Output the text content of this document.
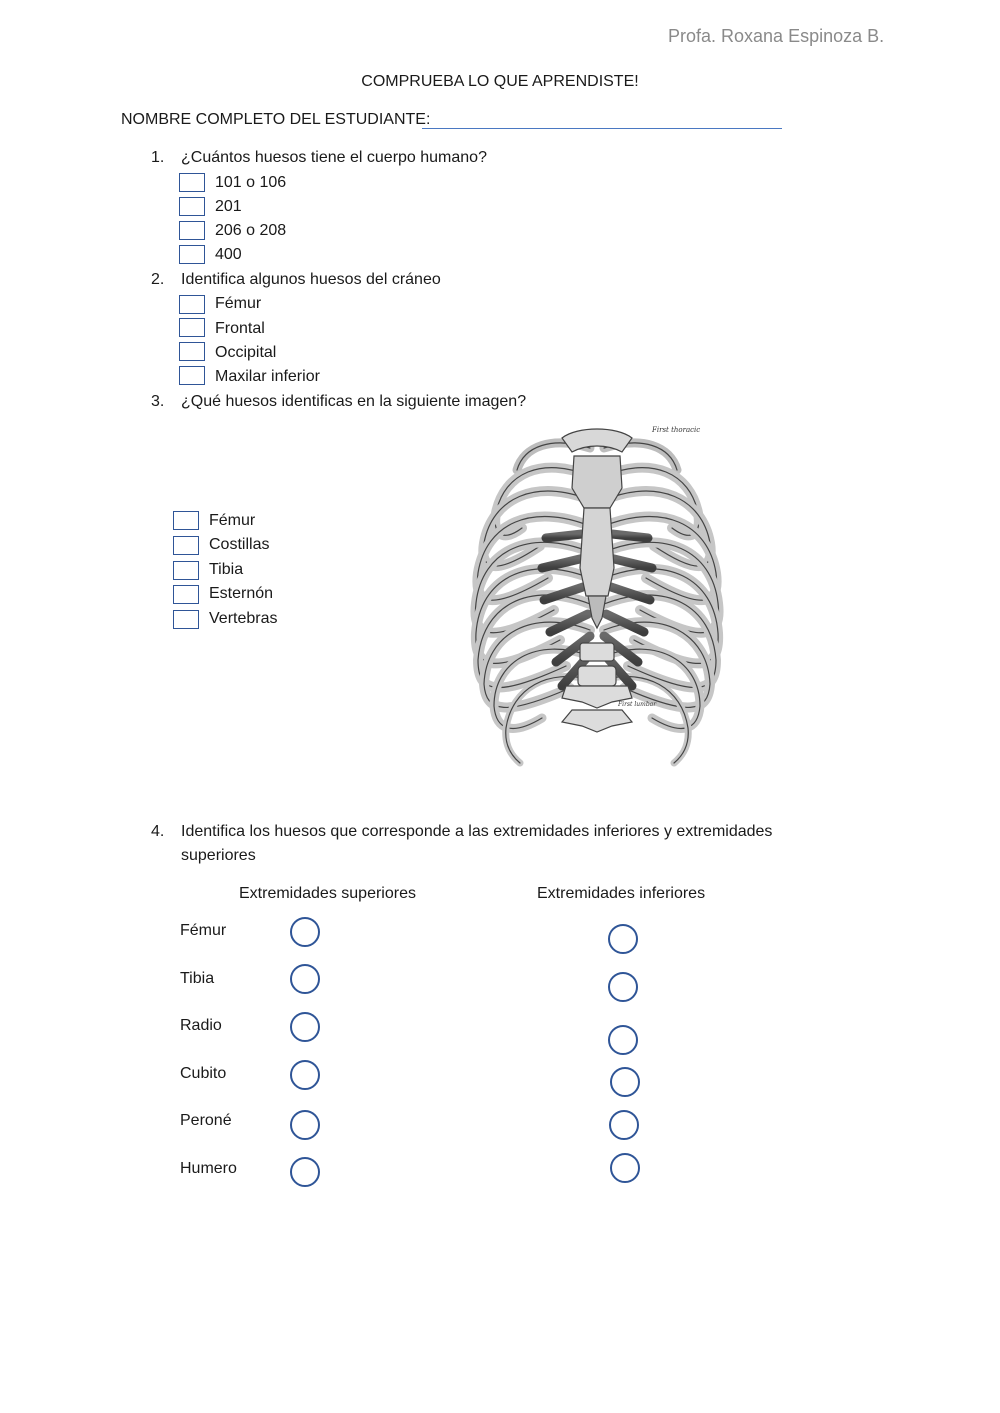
Profa. Roxana Espinoza B.
COMPRUEBA LO QUE APRENDISTE!
NOMBRE COMPLETO DEL ESTUDIANTE:
1. ¿Cuántos huesos tiene el cuerpo humano?
101 o 106
201
206 o 208
400
2. Identifica algunos huesos del cráneo
Fémur
Frontal
Occipital
Maxilar inferior
3. ¿Qué huesos identificas en la siguiente imagen?
Fémur
Costillas
Tibia
Esternón
Vertebras
First thoracic
First lumbar
4. Identifica los huesos que corresponde a las extremidades inferiores y extremidades
superiores
Extremidades superiores	Extremidades inferiores
Fémur
Tibia
Radio
Cubito
Peroné
Humero
